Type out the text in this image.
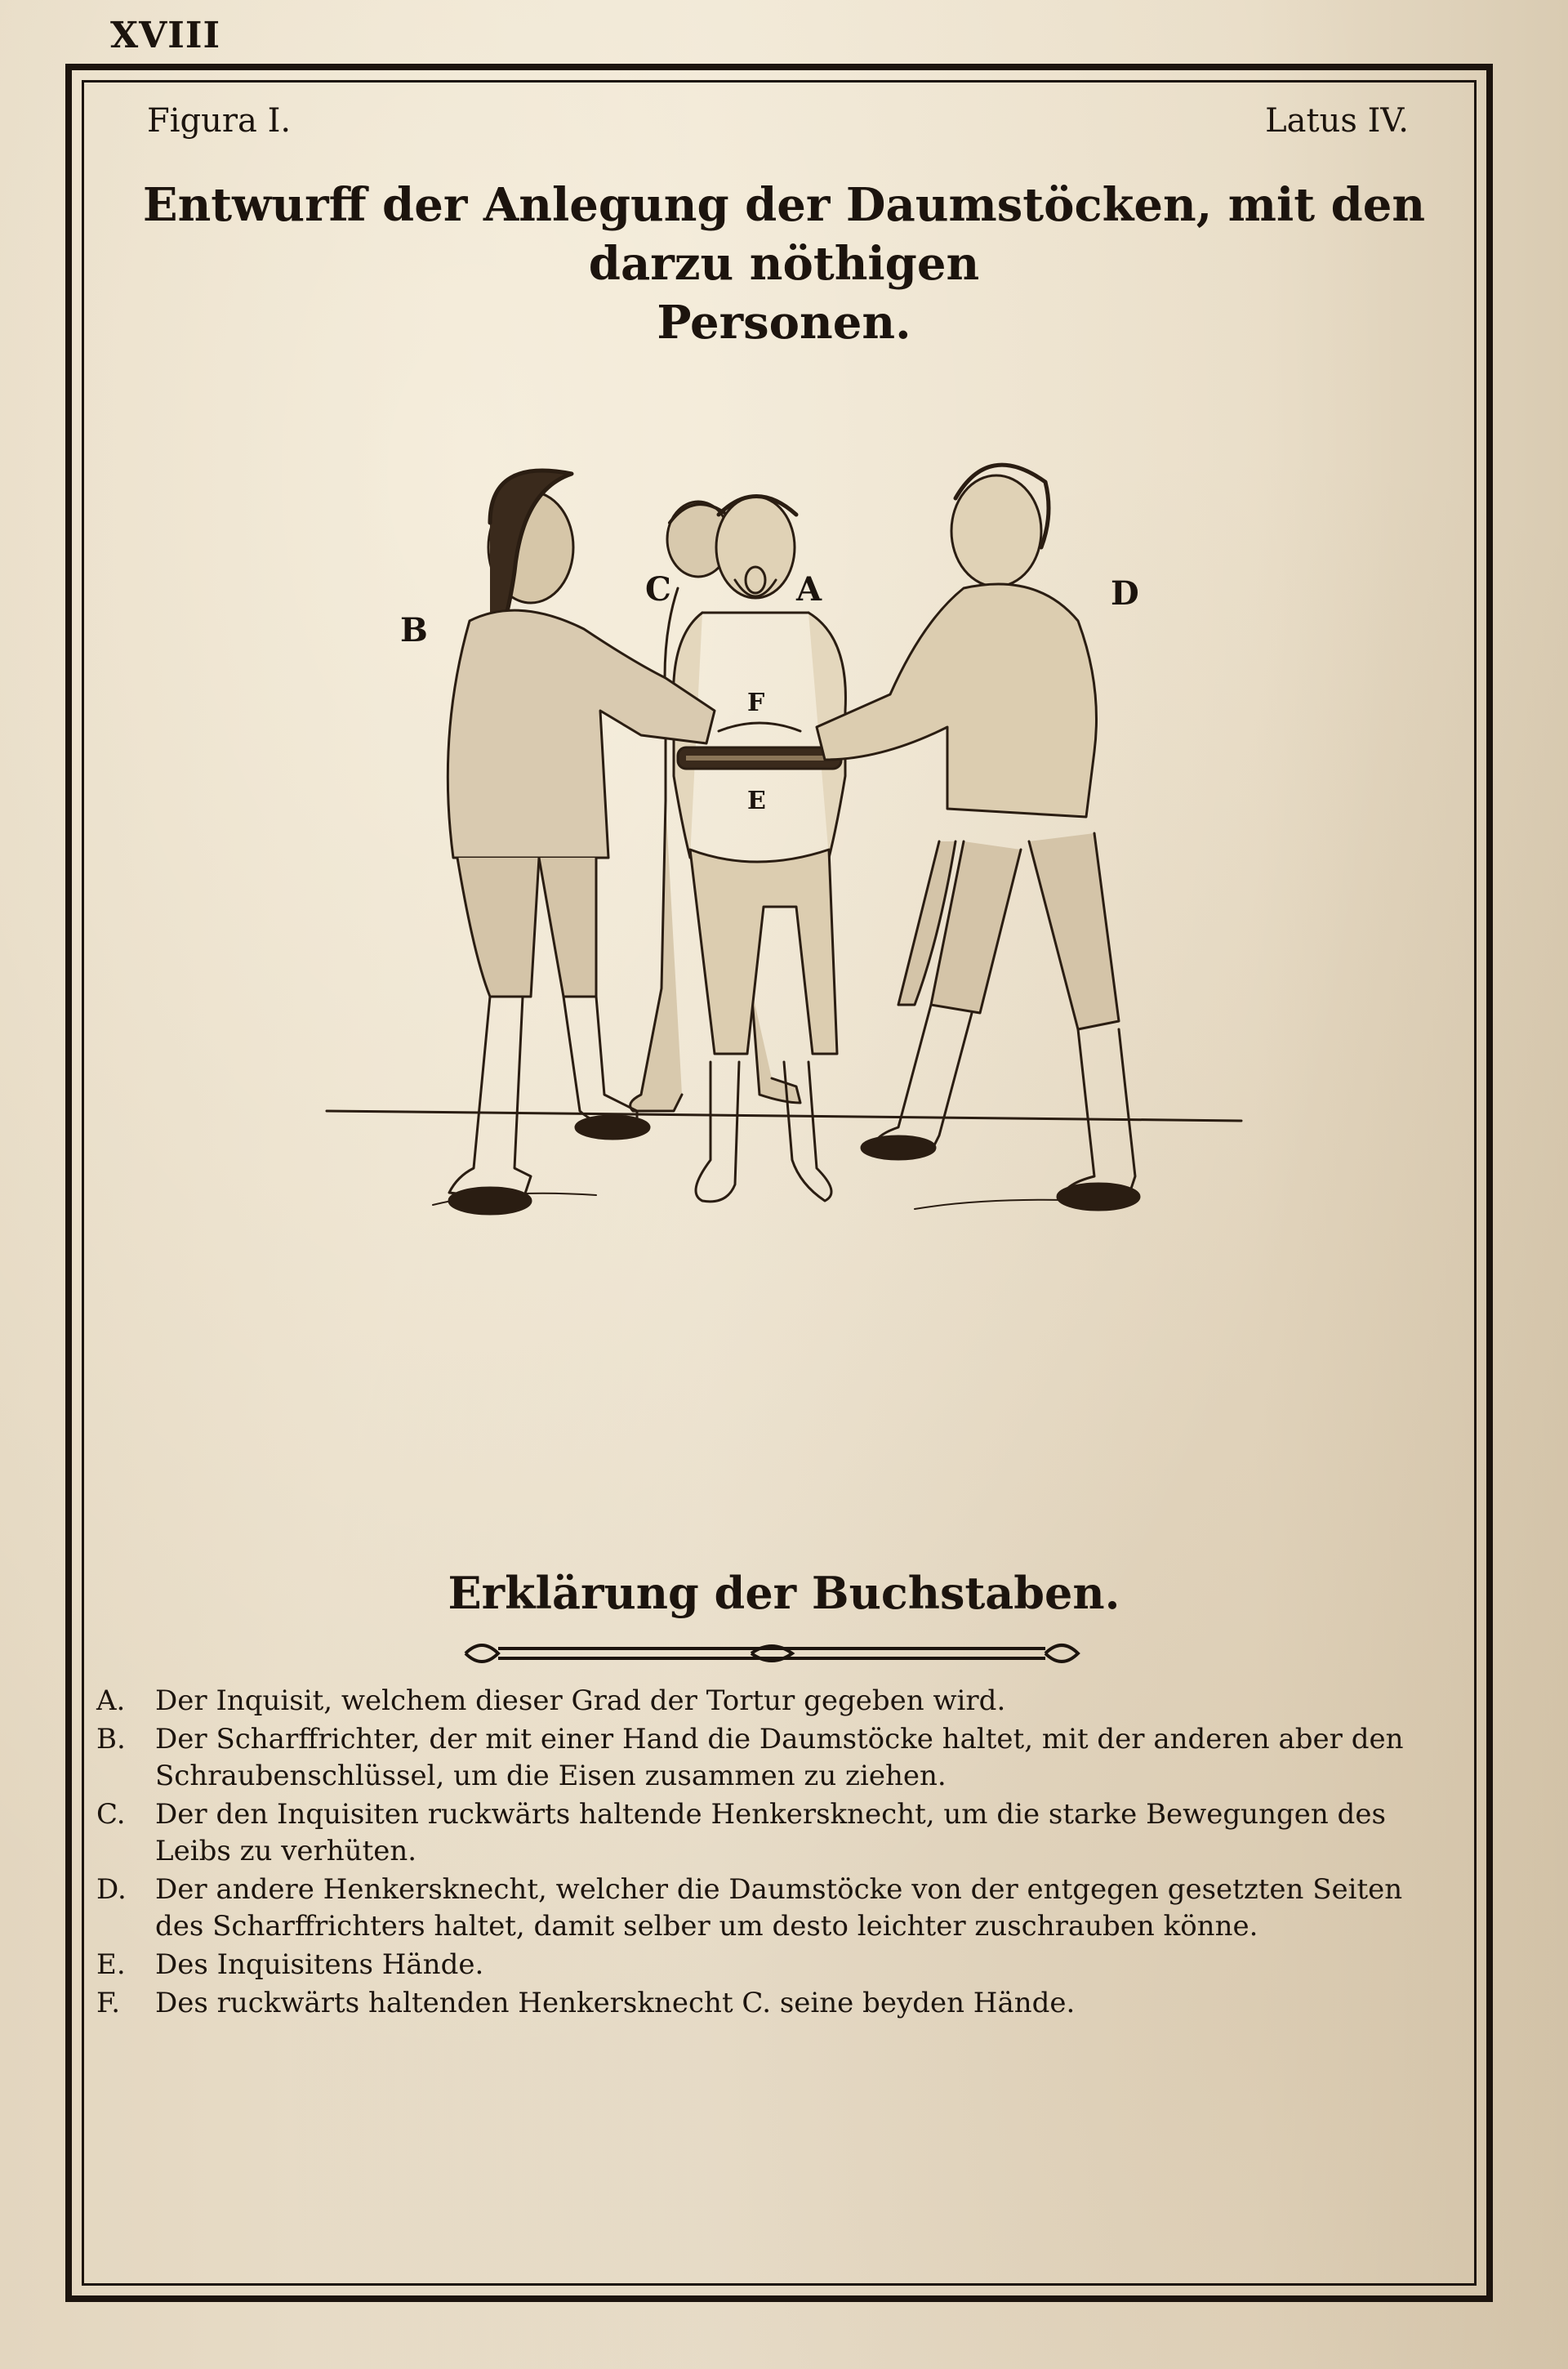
XVIII
Figura I.	Latus IV.
Entwurff der Anlegung der Daumstöcken, mit den darzu nöthigen
Personen.
A
B
C	D
E
F
Erklärung der Buchstaben.
A.	Der Inquisit, welchem dieser Grad der Tortur gegeben wird.
B.	Der Scharffrichter, der mit einer Hand die Daumstöcke haltet, mit der anderen aber den Schraubenschlüssel, um die Eisen zusammen zu ziehen.
C.	Der den Inquisiten ruckwärts haltende Henkersknecht, um die starke Bewegungen des Leibs zu verhüten.
D.	Der andere Henkersknecht, welcher die Daumstöcke von der entgegen gesetzten Seiten des Scharffrichters haltet, damit selber um desto leichter zuschrauben könne.
E.	Des Inquisitens Hände.
F.	Des ruckwärts haltenden Henkersknecht C. seine beyden Hände.
